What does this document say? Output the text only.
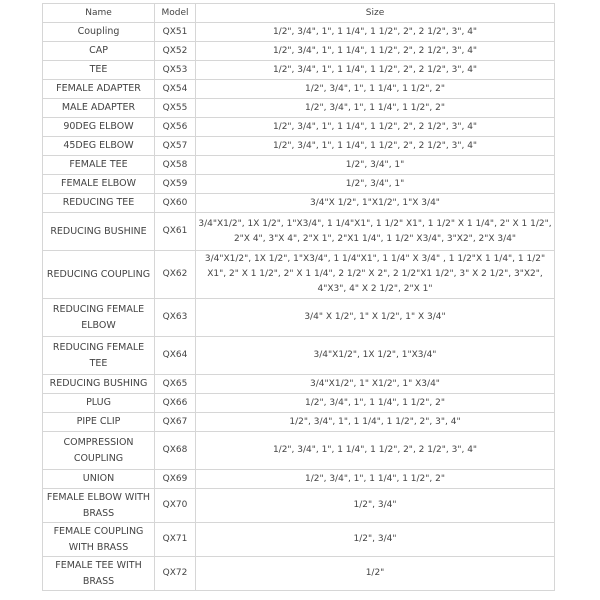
Name	Model	Size
Coupling	QX51	1/2", 3/4", 1", 1 1/4", 1 1/2", 2", 2 1/2", 3", 4"
CAP	QX52	1/2", 3/4", 1", 1 1/4", 1 1/2", 2", 2 1/2", 3", 4"
TEE	QX53	1/2", 3/4", 1", 1 1/4", 1 1/2", 2", 2 1/2", 3", 4"
FEMALE ADAPTER	QX54	1/2", 3/4", 1", 1 1/4", 1 1/2", 2"
MALE ADAPTER	QX55	1/2", 3/4", 1", 1 1/4", 1 1/2", 2"
90DEG ELBOW	QX56	1/2", 3/4", 1", 1 1/4", 1 1/2", 2", 2 1/2", 3", 4"
45DEG ELBOW	QX57	1/2", 3/4", 1", 1 1/4", 1 1/2", 2", 2 1/2", 3", 4"
FEMALE TEE	QX58	1/2", 3/4", 1"
FEMALE ELBOW	QX59	1/2", 3/4", 1"
REDUCING TEE	QX60	3/4"X 1/2", 1"X1/2", 1"X 3/4"
REDUCING BUSHINE	QX61	3/4"X1/2", 1X 1/2", 1"X3/4", 1 1/4"X1", 1 1/2" X1", 1 1/2" X 1 1/4", 2" X 1 1/2", 2"X 4", 3"X 4", 2"X 1", 2"X1 1/4", 1 1/2" X3/4", 3"X2", 2"X 3/4"
REDUCING COUPLING	QX62	3/4"X1/2", 1X 1/2", 1"X3/4", 1 1/4"X1", 1 1/4" X 3/4" , 1 1/2"X 1 1/4", 1 1/2" X1", 2" X 1 1/2", 2" X 1 1/4", 2 1/2" X 2", 2 1/2"X1 1/2", 3" X 2 1/2", 3"X2", 4"X3", 4" X 2 1/2", 2"X 1"
REDUCING FEMALE ELBOW	QX63	3/4" X 1/2", 1" X 1/2", 1" X 3/4"
REDUCING FEMALE TEE	QX64	3/4"X1/2", 1X 1/2", 1"X3/4"
REDUCING BUSHING	QX65	3/4"X1/2", 1" X1/2", 1" X3/4"
PLUG	QX66	1/2", 3/4", 1", 1 1/4", 1 1/2", 2"
PIPE CLIP	QX67	1/2", 3/4", 1", 1 1/4", 1 1/2", 2", 3", 4"
COMPRESSION COUPLING	QX68	1/2", 3/4", 1", 1 1/4", 1 1/2", 2", 2 1/2", 3", 4"
UNION	QX69	1/2", 3/4", 1", 1 1/4", 1 1/2", 2"
FEMALE ELBOW WITH BRASS	QX70	1/2", 3/4"
FEMALE COUPLING WITH BRASS	QX71	1/2", 3/4"
FEMALE TEE WITH BRASS	QX72	1/2"
